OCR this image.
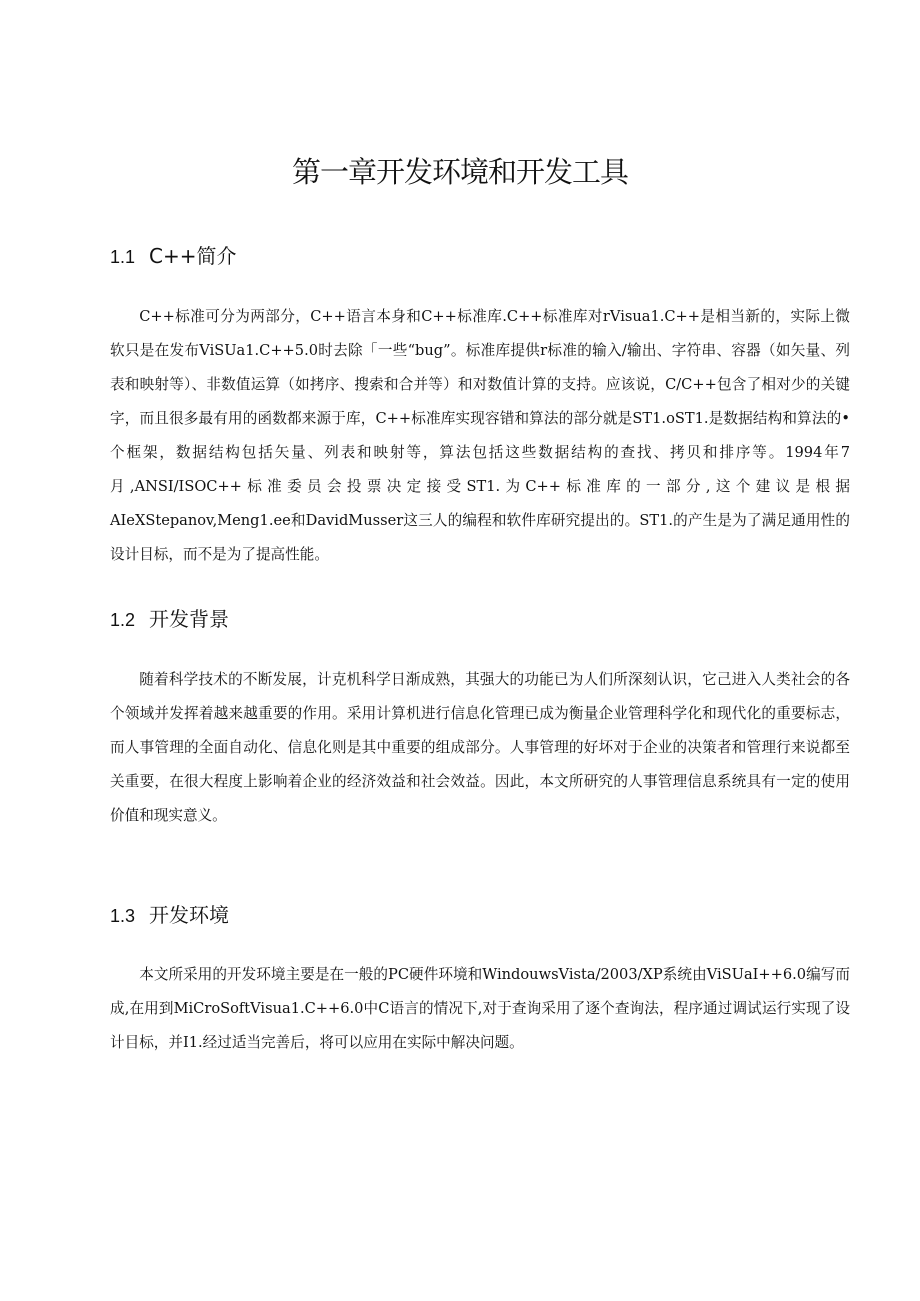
第一章开发环境和开发工具
1.1 C++简介

C++标准可分为两部分，C++语言本身和C++标准库.C++标准库对rVisua1.C++是相当新的，实际上微软只是在发布ViSUa1.C++5.0时去除「一些“bug”。标准库提供r标准的输入/输出、字符串、容器（如矢量、列表和映射等）、非数值运算（如拷序、搜索和合并等）和对数值计算的支持。应该说，C/C++包含了相对少的关键字，而且很多最有用的函数都来源于库，C++标准库实现容错和算法的部分就是ST1.oST1.是数据结构和算法的•个框架，数据结构包括矢量、列表和映射等，算法包括这些数据结构的查找、拷贝和排序等。1994年7月,ANSI/ISOC++标准委员会投票决定接受ST1.为C++标准库的一部分,这个建议是根据AIeXStepanov,Meng1.ee和DavidMusser这三人的编程和软件库研究提出的。ST1.的产生是为了满足通用性的设计目标，而不是为了提高性能。

1.2 开发背景

随着科学技术的不断发展，计克机科学日渐成熟，其强大的功能已为人们所深刻认识，它己进入人类社会的各个领域并发挥着越来越重要的作用。采用计算机进行信息化管理已成为衡量企业管理科学化和现代化的重要标志，而人事管理的全面自动化、信息化则是其中重要的组成部分。人事管理的好坏对于企业的决策者和管理行来说都至关重要，在很大程度上影响着企业的经济效益和社会效益。因此，本文所研究的人事管理信息系统具有一定的使用价值和现实意义。

1.3 开发环境

本文所采用的开发环境主要是在一般的PC硬件环境和WindouwsVista/2003/XP系统由ViSUaI++6.0编写而成,在用到MiCroSoftVisua1.C++6.0中C语言的情况下,对于查询采用了逐个查询法，程序通过调试运行实现了设计目标，并I1.经过适当完善后，将可以应用在实际中解决问题。
